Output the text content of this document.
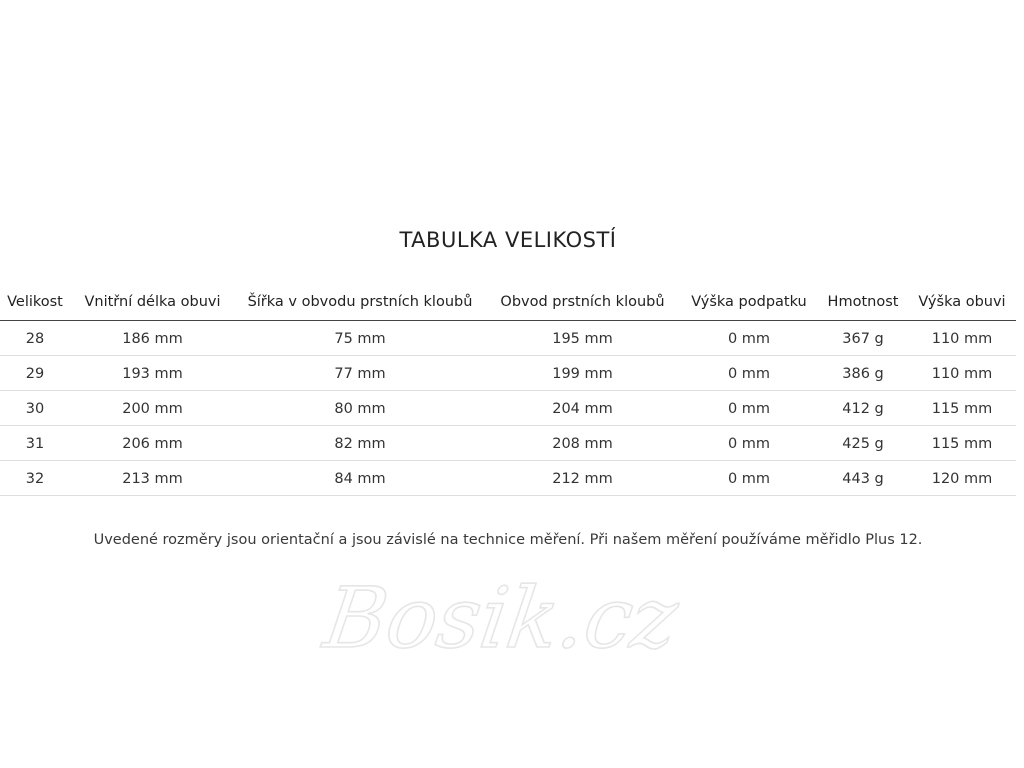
TABULKA VELIKOSTÍ
Velikost	Vnitřní délka obuvi	Šířka v obvodu prstních kloubů	Obvod prstních kloubů	Výška podpatku	Hmotnost	Výška obuvi
28	186 mm	75 mm	195 mm	0 mm	367 g	110 mm
29	193 mm	77 mm	199 mm	0 mm	386 g	110 mm
30	200 mm	80 mm	204 mm	0 mm	412 g	115 mm
31	206 mm	82 mm	208 mm	0 mm	425 g	115 mm
32	213 mm	84 mm	212 mm	0 mm	443 g	120 mm
Uvedené rozměry jsou orientační a jsou závislé na technice měření. Při našem měření používáme měřidlo Plus 12.
Bosik.cz
